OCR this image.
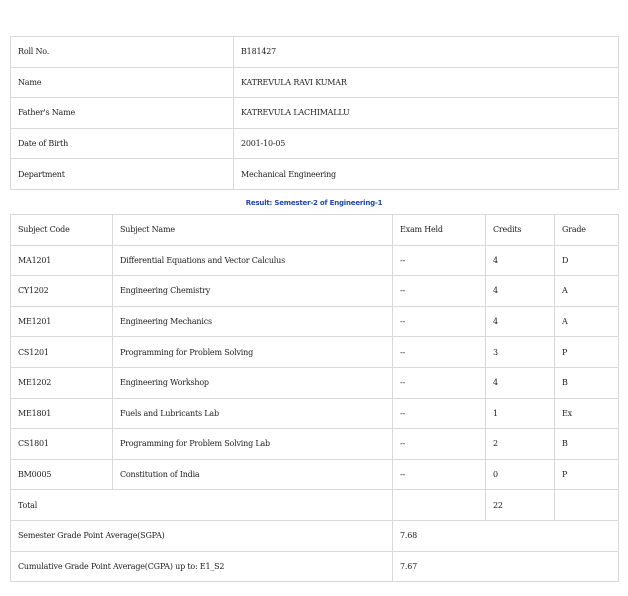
Roll No.	B181427
Name	KATREVULA RAVI KUMAR
Father's Name	KATREVULA LACHIMALLU
Date of Birth	2001-10-05
Department	Mechanical Engineering
Result: Semester-2 of Engineering-1
Subject Code	Subject Name	Exam Held	Credits	Grade
MA1201	Differential Equations and Vector Calculus	--	4	D
CY1202	Engineering Chemistry	--	4	A
ME1201	Engineering Mechanics	--	4	A
CS1201	Programming for Problem Solving	--	3	P
ME1202	Engineering Workshop	--	4	B
ME1801	Fuels and Lubricants Lab	--	1	Ex
CS1801	Programming for Problem Solving Lab	--	2	B
BM0005	Constitution of India	--	0	P
Total			22	
Semester Grade Point Average(SGPA)		7.68		
Cumulative Grade Point Average(CGPA) up to: E1_S2		7.67		
